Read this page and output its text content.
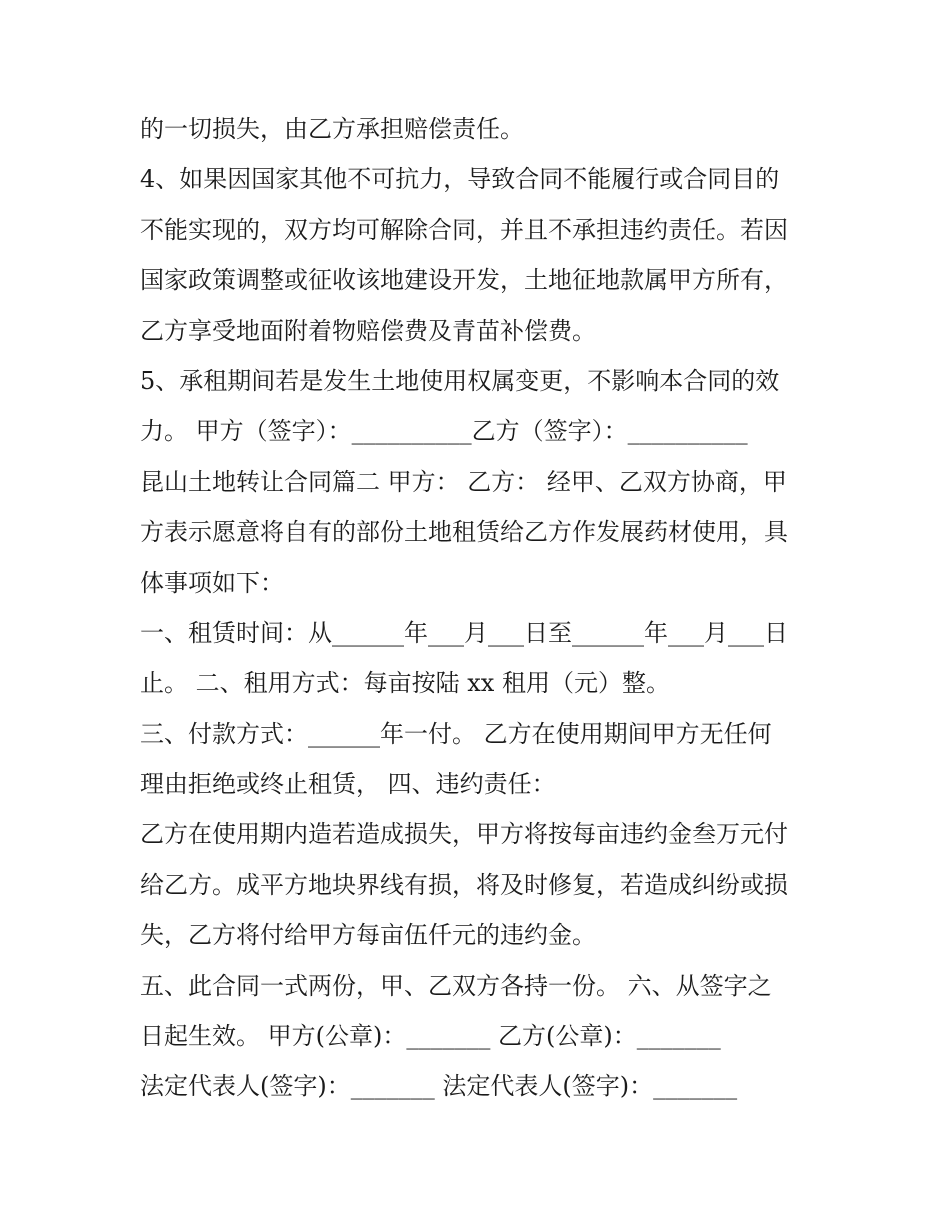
的一切损失，由乙方承担赔偿责任。
4、如果因国家其他不可抗力，导致合同不能履行或合同目的
不能实现的，双方均可解除合同，并且不承担违约责任。若因
国家政策调整或征收该地建设开发，土地征地款属甲方所有，
乙方享受地面附着物赔偿费及青苗补偿费。
5、承租期间若是发生土地使用权属变更，不影响本合同的效
力。 甲方（签字）：__________乙方（签字）：__________
昆山土地转让合同篇二 甲方： 乙方： 经甲、乙双方协商，甲
方表示愿意将自有的部份土地租赁给乙方作发展药材使用，具
体事项如下：
一、租赁时间：从______年___月___日至______年___月___日
止。 二、租用方式：每亩按陆 xx 租用（元）整。
三、付款方式：______年一付。 乙方在使用期间甲方无任何
理由拒绝或终止租赁， 四、违约责任：
乙方在使用期内造若造成损失，甲方将按每亩违约金叁万元付
给乙方。成平方地块界线有损，将及时修复，若造成纠纷或损
失，乙方将付给甲方每亩伍仟元的违约金。
五、此合同一式两份，甲、乙双方各持一份。 六、从签字之
日起生效。 甲方(公章)：_______ 乙方(公章)：_______
法定代表人(签字)：_______ 法定代表人(签字)：_______
